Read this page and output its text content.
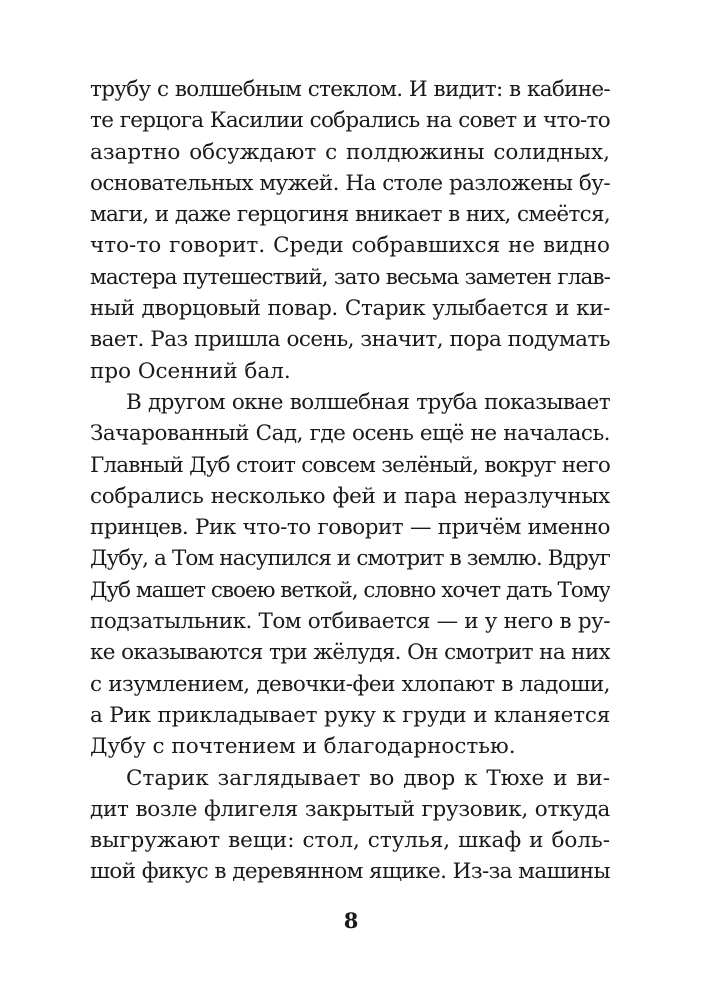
трубу с волшебным стеклом. И видит: в кабине-
те герцога Касилии собрались на совет и что-то
азартно обсуждают с полдюжины солидных,
основательных мужей. На столе разложены бу-
маги, и даже герцогиня вникает в них, смеётся,
что-то говорит. Среди собравшихся не видно
мастера путешествий, зато весьма заметен глав-
ный дворцовый повар. Старик улыбается и ки-
вает. Раз пришла осень, значит, пора подумать
про Осенний бал.
В другом окне волшебная труба показывает
Зачарованный Сад, где осень ещё не началась.
Главный Дуб стоит совсем зелёный, вокруг него
собрались несколько фей и пара неразлучных
принцев. Рик что-то говорит — причём именно
Дубу, а Том насупился и смотрит в землю. Вдруг
Дуб машет своею веткой, словно хочет дать Тому
подзатыльник. Том отбивается — и у него в ру-
ке оказываются три жёлудя. Он смотрит на них
с изумлением, девочки-феи хлопают в ладоши,
а Рик прикладывает руку к груди и кланяется
Дубу с почтением и благодарностью.
Старик заглядывает во двор к Тюхе и ви-
дит возле флигеля закрытый грузовик, откуда
выгружают вещи: стол, стулья, шкаф и боль-
шой фикус в деревянном ящике. Из-за машины
8
